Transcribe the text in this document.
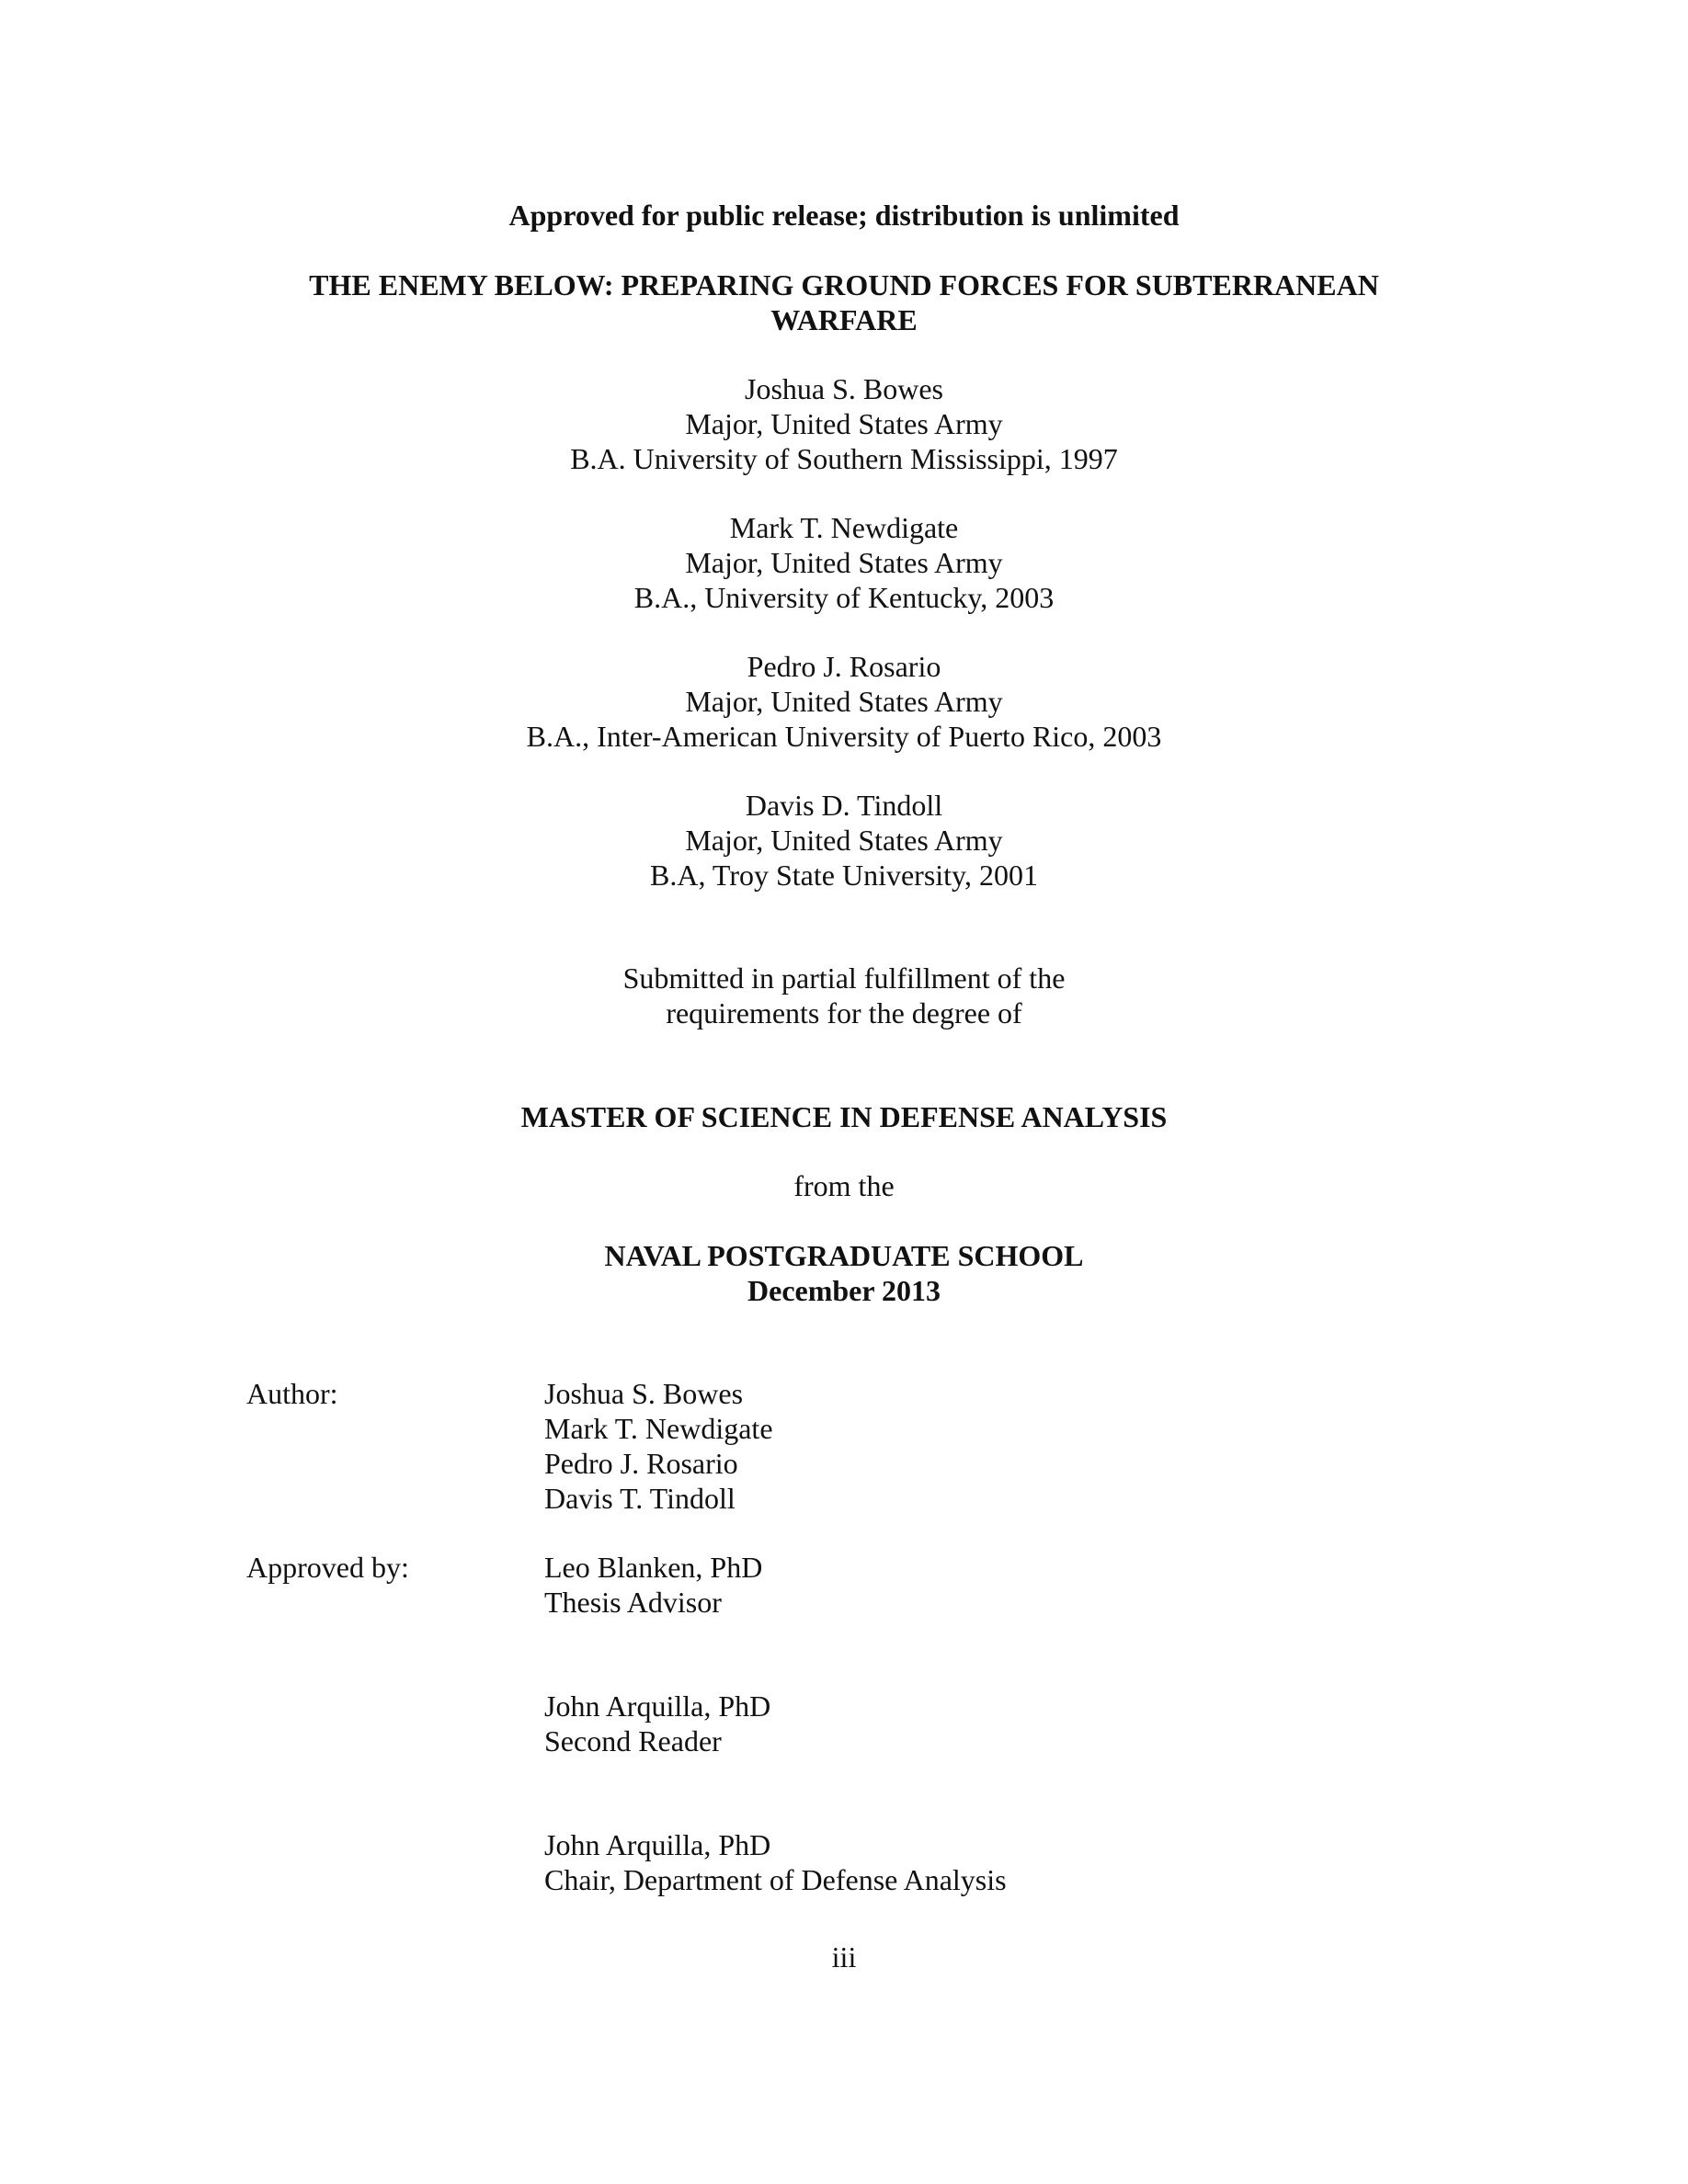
Approved for public release; distribution is unlimited
THE ENEMY BELOW: PREPARING GROUND FORCES FOR SUBTERRANEAN
WARFARE
Joshua S. Bowes
Major, United States Army
B.A. University of Southern Mississippi, 1997
Mark T. Newdigate
Major, United States Army
B.A., University of Kentucky, 2003
Pedro J. Rosario
Major, United States Army
B.A., Inter-American University of Puerto Rico, 2003
Davis D. Tindoll
Major, United States Army
B.A, Troy State University, 2001
Submitted in partial fulfillment of the
requirements for the degree of
MASTER OF SCIENCE IN DEFENSE ANALYSIS
from the
NAVAL POSTGRADUATE SCHOOL
December 2013
Author:	Joshua S. Bowes
Mark T. Newdigate
Pedro J. Rosario
Davis T. Tindoll
Approved by:	Leo Blanken, PhD
Thesis Advisor
John Arquilla, PhD
Second Reader
John Arquilla, PhD
Chair, Department of Defense Analysis
iii
